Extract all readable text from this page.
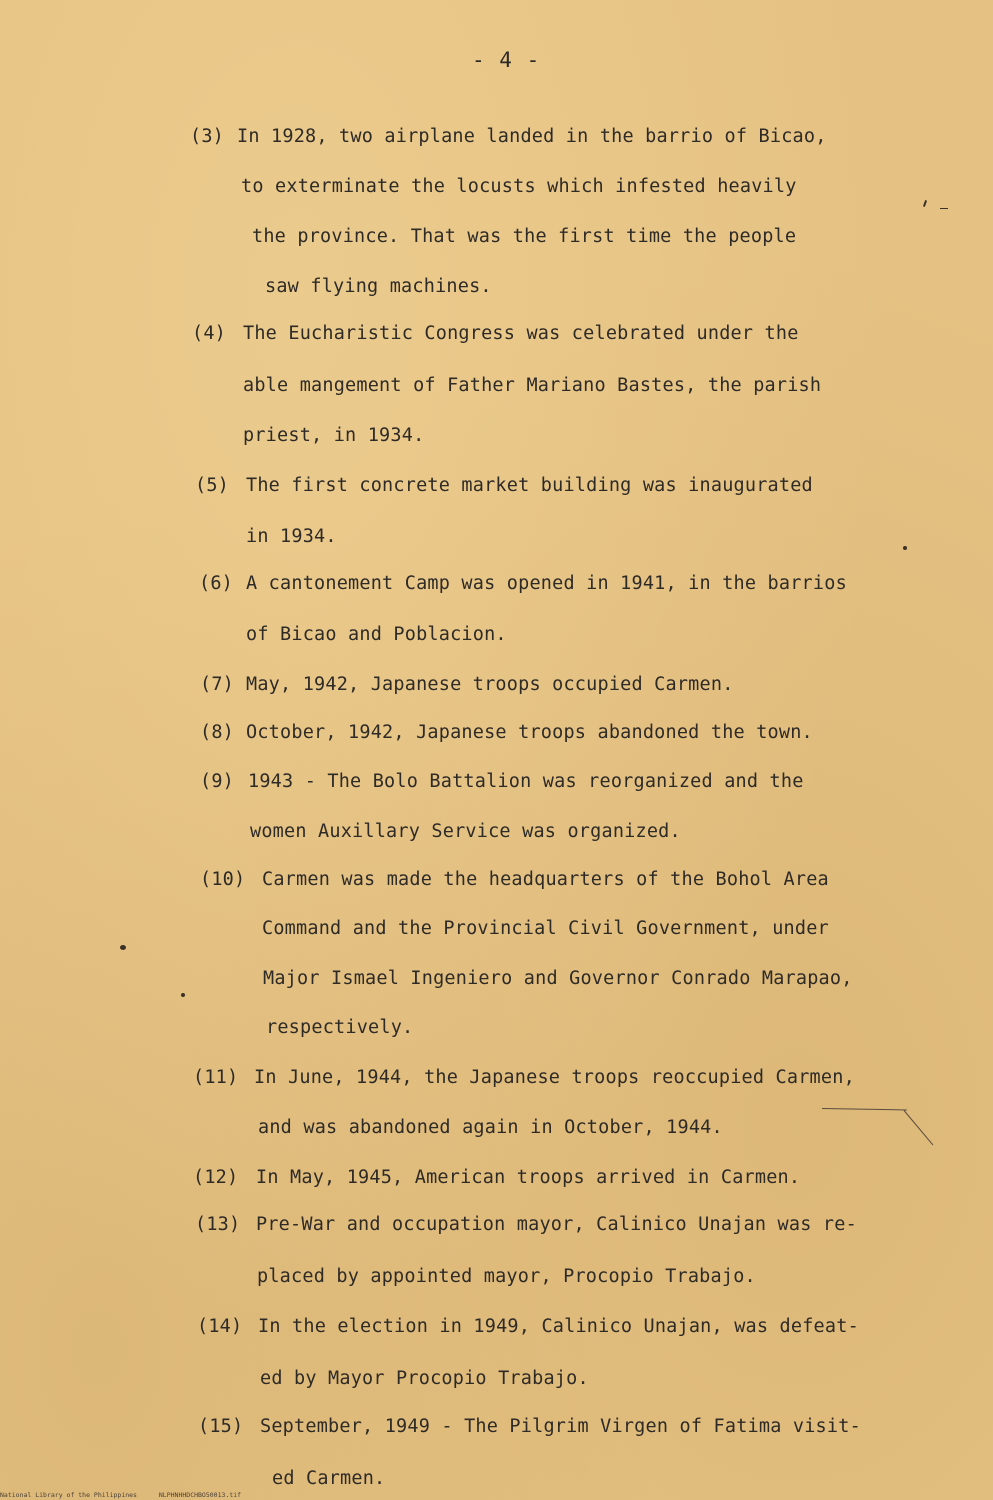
- 4 -
(3) In 1928, two airplane landed in the barrio of Bicao,
to exterminate the locusts which infested heavily
the province. That was the first time the people
saw flying machines.
(4) The Eucharistic Congress was celebrated under the
able mangement of Father Mariano Bastes, the parish
priest, in 1934.
(5) The first concrete market building was inaugurated
in 1934.
(6) A cantonement Camp was opened in 1941, in the barrios
of Bicao and Poblacion.
(7) May, 1942, Japanese troops occupied Carmen.
(8) October, 1942, Japanese troops abandoned the town.
(9) 1943 - The Bolo Battalion was reorganized and the
women Auxillary Service was organized.
(10) Carmen was made the headquarters of the Bohol Area
Command and the Provincial Civil Government, under
Major Ismael Ingeniero and Governor Conrado Marapao,
respectively.
(11) In June, 1944, the Japanese troops reoccupied Carmen,
and was abandoned again in October, 1944.
(12) In May, 1945, American troops arrived in Carmen.
(13) Pre-War and occupation mayor, Calinico Unajan was re-
placed by appointed mayor, Procopio Trabajo.
(14) In the election in 1949, Calinico Unajan, was defeat-
ed by Mayor Procopio Trabajo.
(15) September, 1949 - The Pilgrim Virgen of Fatima visit-
ed Carmen.
National Library of the Philippines	NLPHNHHDCHBO50013.tif
